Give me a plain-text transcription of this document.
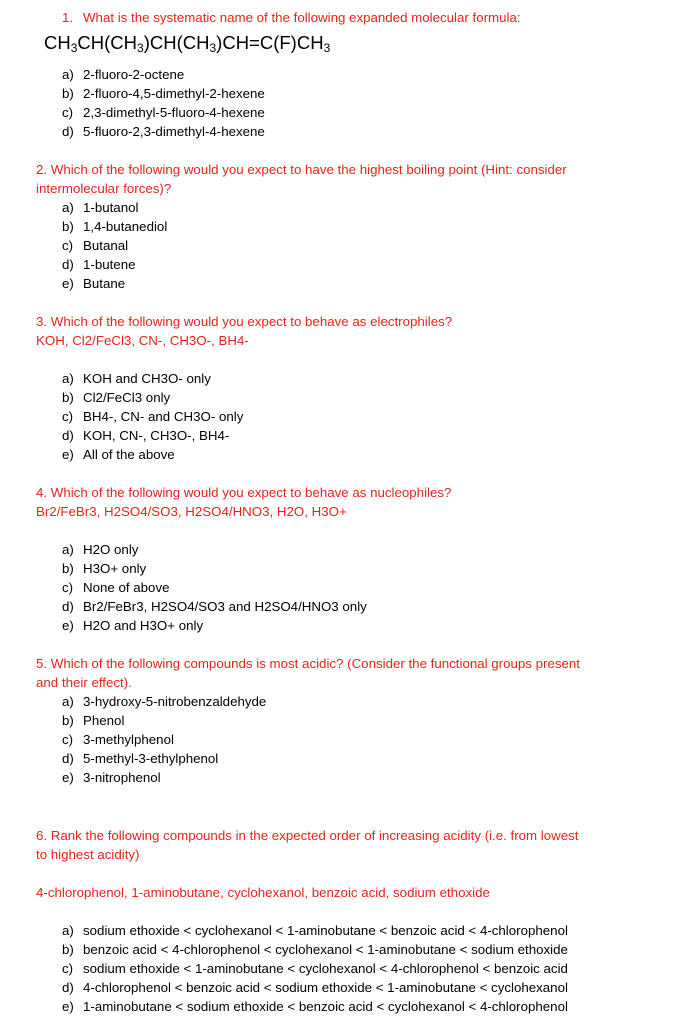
1. What is the systematic name of the following expanded molecular formula:
$CH_3CH(CH_3)CH(CH_3)CH=C(F)CH_3$
a) 2-fluoro-2-octene
b) 2-fluoro-4,5-dimethyl-2-hexene
c) 2,3-dimethyl-5-fluoro-4-hexene
d) 5-fluoro-2,3-dimethyl-4-hexene
2. Which of the following would you expect to have the highest boiling point (Hint: consider
intermolecular forces)?
a) 1-butanol
b) 1,4-butanediol
c) Butanal
d) 1-butene
e) Butane
3. Which of the following would you expect to behave as electrophiles?
KOH, Cl2/FeCl3, CN-, CH3O-, BH4-
a) KOH and CH3O- only
b) Cl2/FeCl3 only
c) BH4-, CN- and CH3O- only
d) KOH, CN-, CH3O-, BH4-
e) All of the above
4. Which of the following would you expect to behave as nucleophiles?
Br2/FeBr3, H2SO4/SO3, H2SO4/HNO3, H2O, H3O+
a) H2O only
b) H3O+ only
c) None of above
d) Br2/FeBr3, H2SO4/SO3 and H2SO4/HNO3 only
e) H2O and H3O+ only
5. Which of the following compounds is most acidic? (Consider the functional groups present
and their effect).
a) 3-hydroxy-5-nitrobenzaldehyde
b) Phenol
c) 3-methylphenol
d) 5-methyl-3-ethylphenol
e) 3-nitrophenol
6. Rank the following compounds in the expected order of increasing acidity (i.e. from lowest
to highest acidity)
4-chlorophenol, 1-aminobutane, cyclohexanol, benzoic acid, sodium ethoxide
a) sodium ethoxide < cyclohexanol < 1-aminobutane < benzoic acid < 4-chlorophenol
b) benzoic acid < 4-chlorophenol < cyclohexanol < 1-aminobutane < sodium ethoxide
c) sodium ethoxide < 1-aminobutane < cyclohexanol < 4-chlorophenol < benzoic acid
d) 4-chlorophenol < benzoic acid < sodium ethoxide < 1-aminobutane < cyclohexanol
e) 1-aminobutane < sodium ethoxide < benzoic acid < cyclohexanol < 4-chlorophenol
